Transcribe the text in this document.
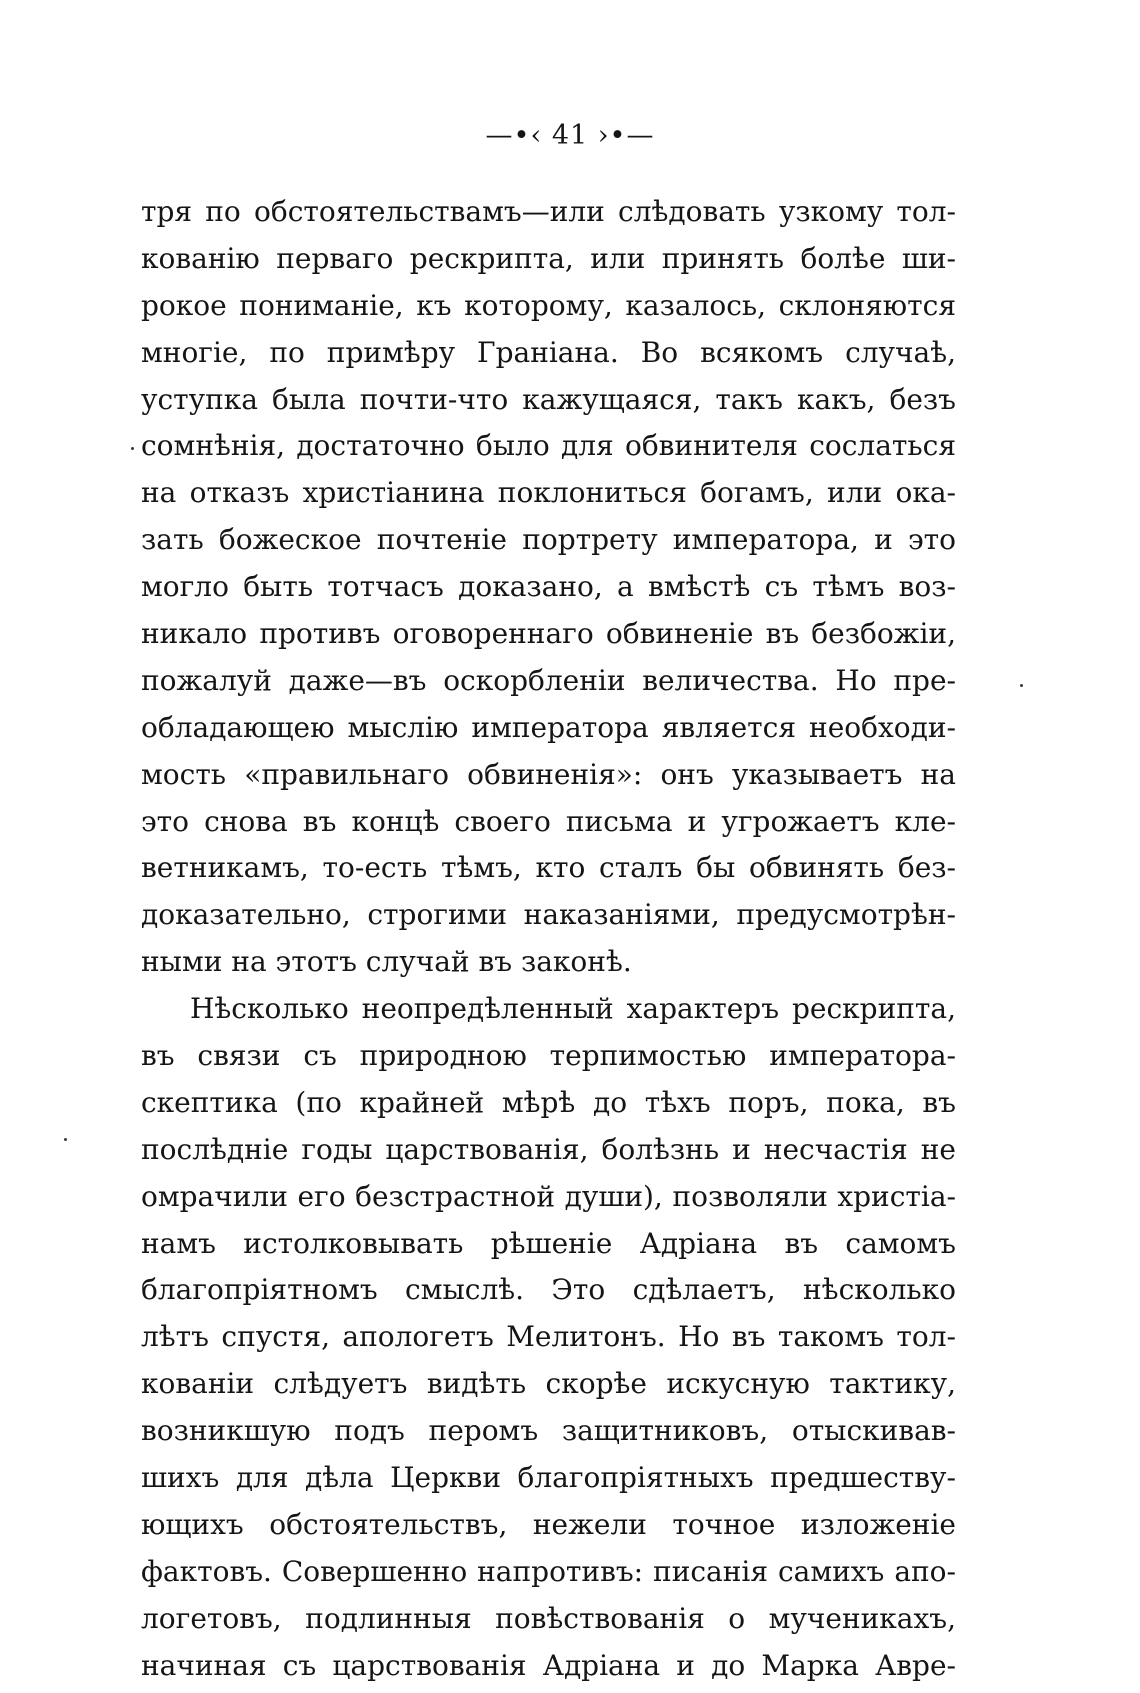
—•‹ 41 ›•—
тря по обстоятельствамъ—или слѣдовать узкому тол-
кованiю перваго рескрипта, или принять болѣе ши-
рокое пониманiе, къ которому, казалось, склоняются
многiе, по примѣру Гранiана. Во всякомъ случаѣ,
уступка была почти-что кажущаяся, такъ какъ, безъ
сомнѣнiя, достаточно было для обвинителя сослаться
на отказъ христiанина поклониться богамъ, или ока-
зать божеское почтенiе портрету императора, и это
могло быть тотчасъ доказано, а вмѣстѣ съ тѣмъ воз-
никало противъ оговореннаго обвиненiе въ безбожiи,
пожалуй даже—въ оскорбленiи величества. Но пре-
обладающею мыслiю императора является необходи-
мость «правильнаго обвиненiя»: онъ указываетъ на
это снова въ концѣ своего письма и угрожаетъ кле-
ветникамъ, то-есть тѣмъ, кто сталъ бы обвинять без-
доказательно, строгими наказанiями, предусмотрѣн-
ными на этотъ случай въ законѣ.
Нѣсколько неопредѣленный характеръ рескрипта,
въ связи съ природною терпимостью императора-
скептика (по крайней мѣрѣ до тѣхъ поръ, пока, въ
послѣднiе годы царствованiя, болѣзнь и несчастiя не
омрачили его безстрастной души), позволяли христiа-
намъ истолковывать рѣшенiе Адрiана въ самомъ
благопрiятномъ смыслѣ. Это сдѣлаетъ, нѣсколько
лѣтъ спустя, апологетъ Мелитонъ. Но въ такомъ тол-
кованiи слѣдуетъ видѣть скорѣе искусную тактику,
возникшую подъ перомъ защитниковъ, отыскивав-
шихъ для дѣла Церкви благопрiятныхъ предшеству-
ющихъ обстоятельствъ, нежели точное изложенiе
фактовъ. Совершенно напротивъ: писанiя самихъ апо-
логетовъ, подлинныя повѣствованiя о мученикахъ,
начиная съ царствованiя Адрiана и до Марка Авре-
